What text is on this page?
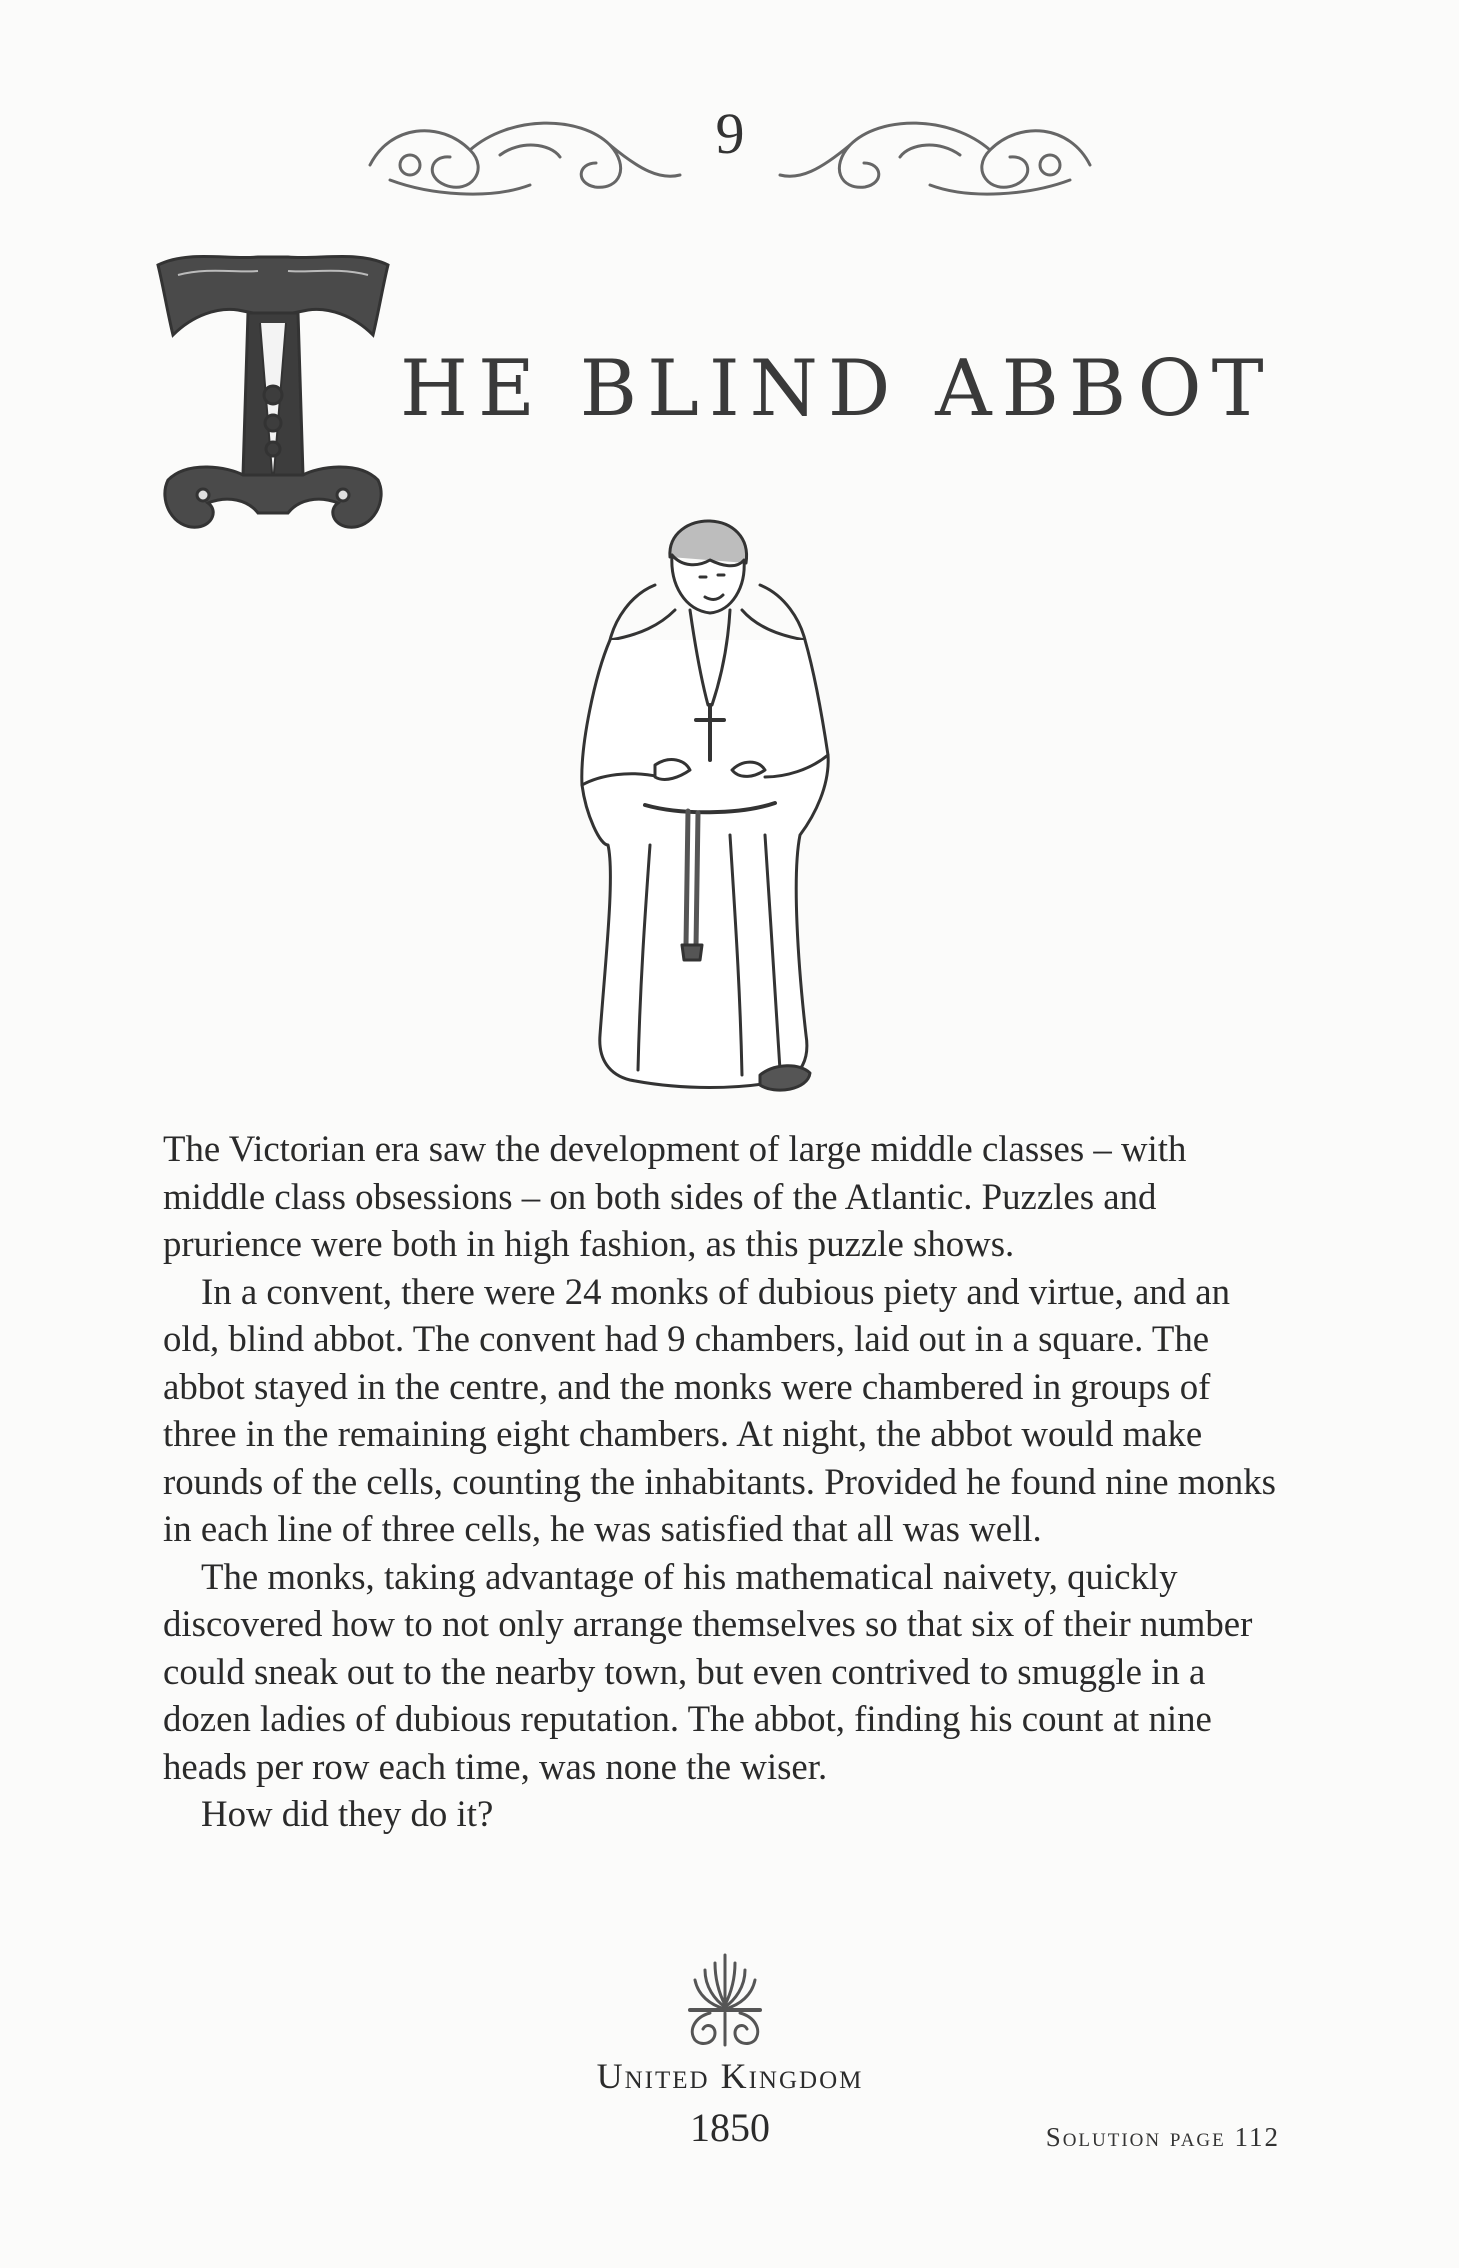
9
HE BLIND ABBOT

The Victorian era saw the development of large middle classes – with middle class obsessions – on both sides of the Atlantic. Puzzles and prurience were both in high fashion, as this puzzle shows.

In a convent, there were 24 monks of dubious piety and virtue, and an old, blind abbot. The convent had 9 chambers, laid out in a square. The abbot stayed in the centre, and the monks were chambered in groups of three in the remaining eight chambers. At night, the abbot would make rounds of the cells, counting the inhabitants. Provided he found nine monks in each line of three cells, he was satisfied that all was well.

The monks, taking advantage of his mathematical naivety, quickly discovered how to not only arrange themselves so that six of their number could sneak out to the nearby town, but even contrived to smuggle in a dozen ladies of dubious reputation. The abbot, finding his count at nine heads per row each time, was none the wiser.

How did they do it?

United Kingdom
1850	Solution page 112
